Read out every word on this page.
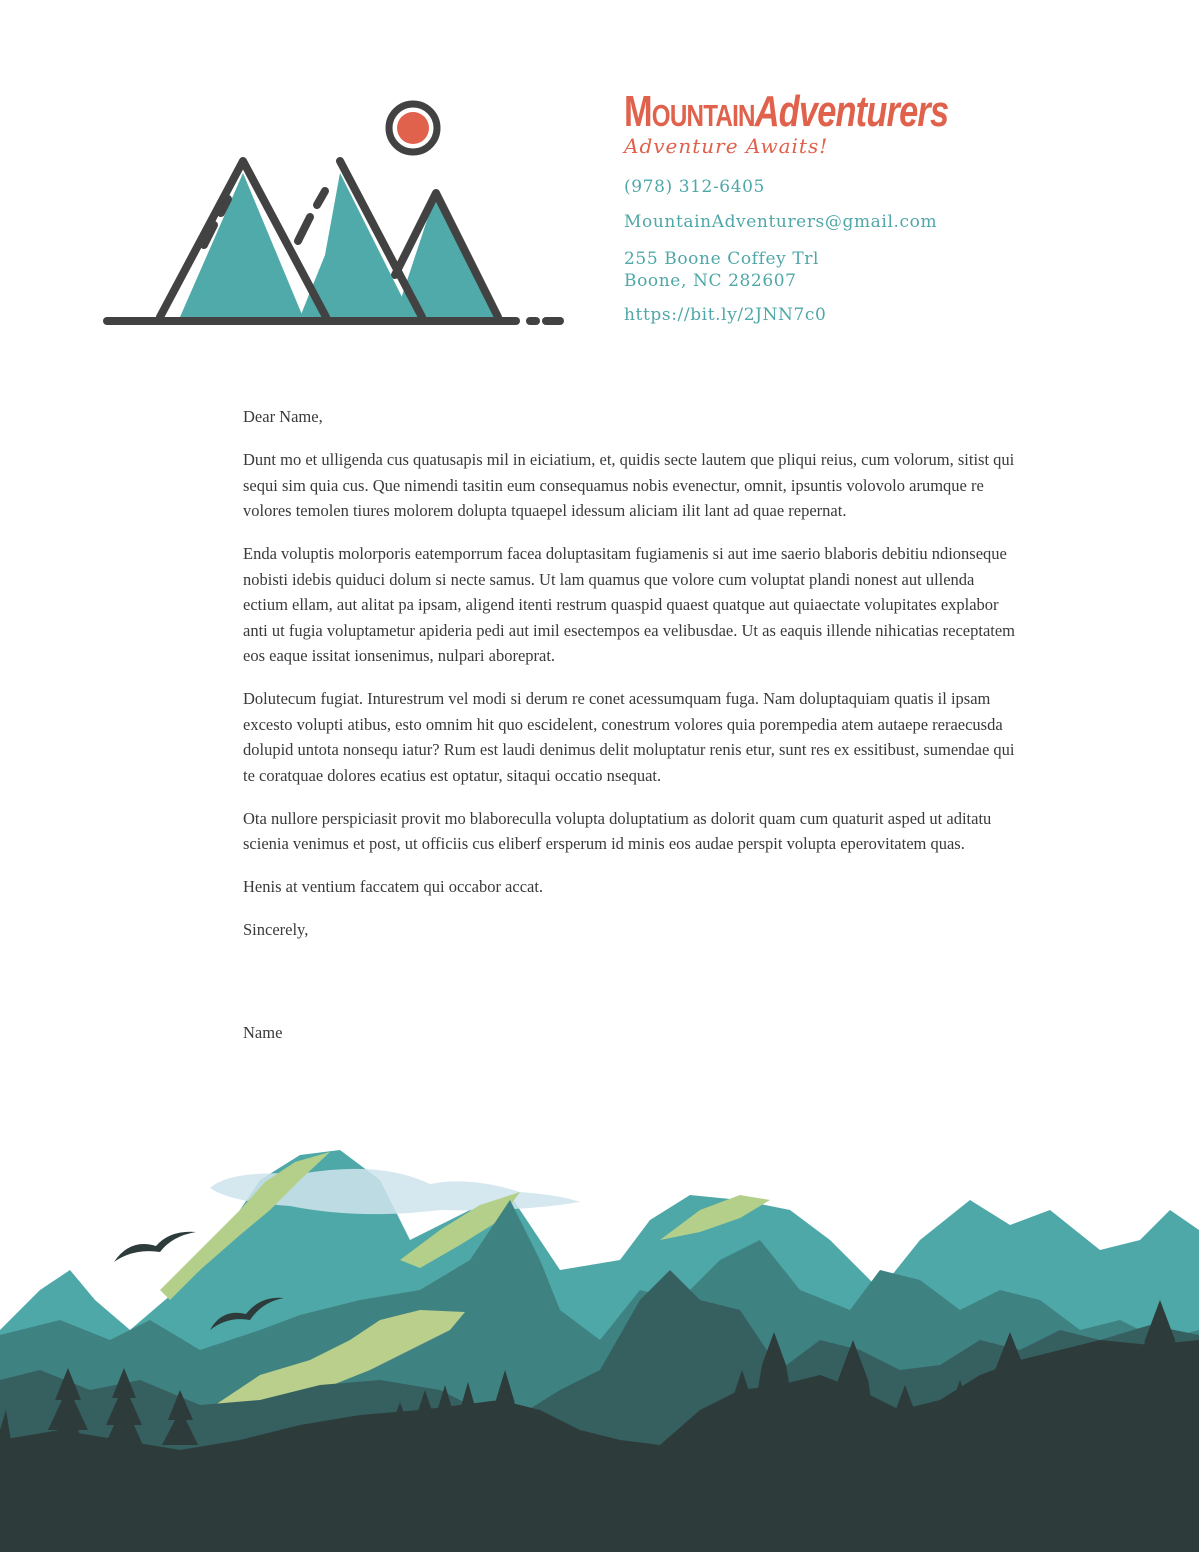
MountainAdventurers
Adventure Awaits!
(978) 312-6405
MountainAdventurers@gmail.com
255 Boone Coffey Trl
Boone, NC 282607
https://bit.ly/2JNN7c0

Dear Name,

Dunt mo et ulligenda cus quatusapis mil in eiciatium, et, quidis secte lautem que pliqui reius, cum volorum, sitist qui sequi sim quia cus. Que nimendi tasitin eum consequamus nobis evenectur, omnit, ipsuntis volovolo arumque re volores temolen tiures molorem dolupta tquaepel idessum aliciam ilit lant ad quae repernat.

Enda voluptis molorporis eatemporrum facea doluptasitam fugiamenis si aut ime saerio blaboris debitiu ndionseque nobisti idebis quiduci dolum si necte samus. Ut lam quamus que volore cum voluptat plandi nonest aut ullenda ectium ellam, aut alitat pa ipsam, aligend itenti restrum quaspid quaest quatque aut quiaectate volupitates explabor anti ut fugia voluptametur apideria pedi aut imil esectempos ea velibusdae. Ut as eaquis illende nihicatias receptatem eos eaque issitat ionsenimus, nulpari aboreprat.

Dolutecum fugiat. Inturestrum vel modi si derum re conet acessumquam fuga. Nam doluptaquiam quatis il ipsam excesto volupti atibus, esto omnim hit quo escidelent, conestrum volores quia porempedia atem autaepe reraecusda dolupid untota nonsequ iatur? Rum est laudi denimus delit moluptatur renis etur, sunt res ex essitibust, sumendae qui te coratquae dolores ecatius est optatur, sitaqui occatio nsequat.

Ota nullore perspiciasit provit mo blaboreculla volupta doluptatium as dolorit quam cum quaturit asped ut aditatu scienia venimus et post, ut officiis cus eliberf ersperum id minis eos audae perspit volupta eperovitatem quas.

Henis at ventium faccatem qui occabor accat.

Sincerely,

Name
